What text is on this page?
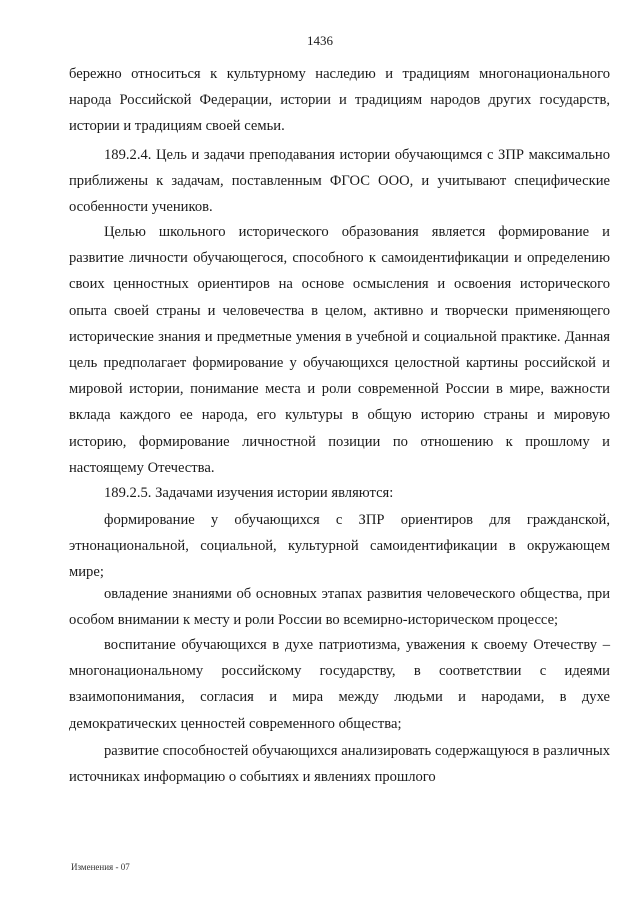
1436

бережно относиться к культурному наследию и традициям многонационального народа Российской Федерации, истории и традициям народов других государств, истории и традициям своей семьи.

189.2.4. Цель и задачи преподавания истории обучающимся с ЗПР максимально приближены к задачам, поставленным ФГОС ООО, и учитывают специфические особенности учеников.

Целью школьного исторического образования является формирование и развитие личности обучающегося, способного к самоидентификации и определению своих ценностных ориентиров на основе осмысления и освоения исторического опыта своей страны и человечества в целом, активно и творчески применяющего исторические знания и предметные умения в учебной и социальной практике. Данная цель предполагает формирование у обучающихся целостной картины российской и мировой истории, понимание места и роли современной России в мире, важности вклада каждого ее народа, его культуры в общую историю страны и мировую историю, формирование личностной позиции по отношению к прошлому и настоящему Отечества.

189.2.5. Задачами изучения истории являются:

формирование у обучающихся с ЗПР ориентиров для гражданской, этнонациональной, социальной, культурной самоидентификации в окружающем мире;

овладение знаниями об основных этапах развития человеческого общества, при особом внимании к месту и роли России во всемирно-историческом процессе;

воспитание обучающихся в духе патриотизма, уважения к своему Отечеству – многонациональному российскому государству, в соответствии с идеями взаимопонимания, согласия и мира между людьми и народами, в духе демократических ценностей современного общества;

развитие способностей обучающихся анализировать содержащуюся в различных источниках информацию о событиях и явлениях прошлого

Изменения - 07
